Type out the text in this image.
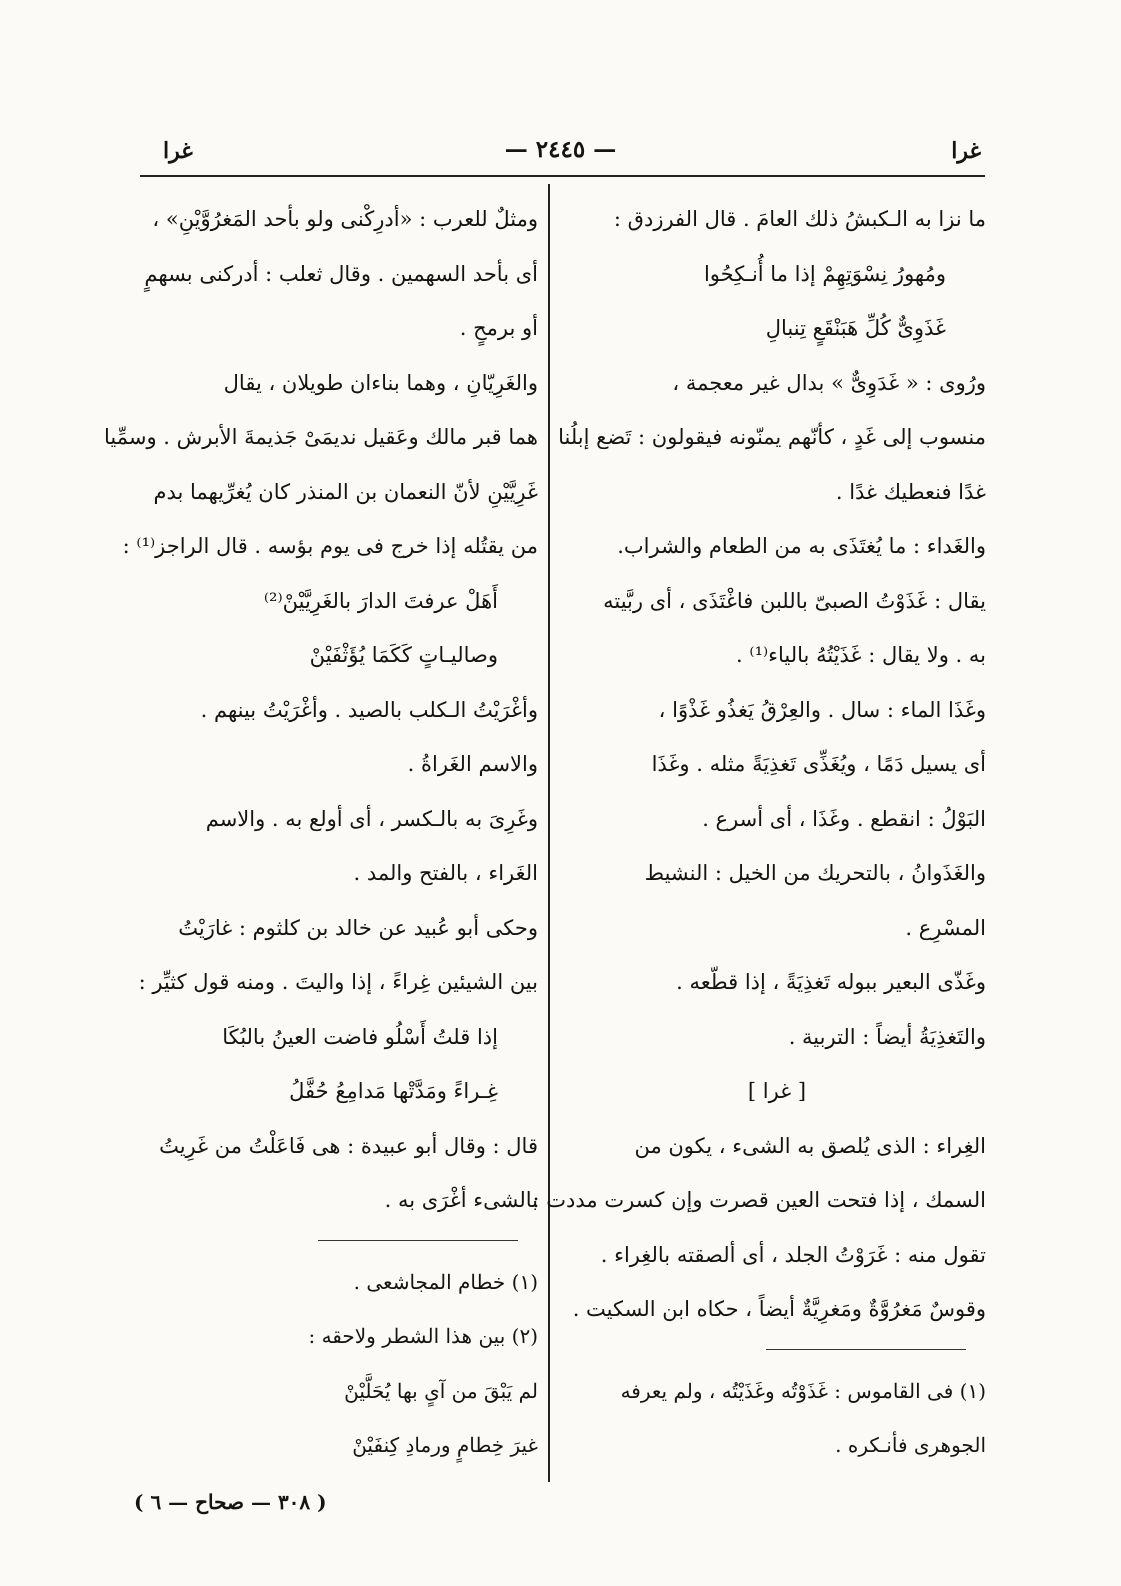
غرا
— ٢٤٤٥ —
غرا
ما نزا به الـكبشُ ذلك العامَ . قال الفرزدق :
ومُهورُ نِسْوَتِهِمْ إذا ما أُنـكِحُوا
غَذَوِىٌّ كُلِّ هَبَنْقَعٍ تِنبالِ
ورُوى : « غَدَوِىٌّ » بدال غير معجمة ،
منسوب إلى غَدٍ ، كأنّهم يمنّونه فيقولون : تَضع إبلُنا
غدًا فنعطيك غدًا .
والغَداء : ما يُغتَذَى به من الطعام والشراب.
يقال : غَذَوْتُ الصبىّ باللبن فاغْتَذَى ، أى ربَّيته
به . ولا يقال : غَذَيْتُهُ بالياء⁽¹⁾ .
وغَذَا الماء : سال . والعِرْقُ يَغذُو غَذْوًا ،
أى يسيل دَمًا ، ويُغَذِّى تَغذِيَةً مثله . وغَذَا
البَوْلُ : انقطع . وغَذَا ، أى أسرع .
والغَذَوانُ ، بالتحريك من الخيل : النشيط
المسْرِع .
وغَذّى البعير ببوله تَغذِيَةً ، إذا قطّعه .
والتَغذِيَةُ أيضاً : التربية .
[ غرا ]
الغِراء : الذى يُلصق به الشىء ، يكون من
السمك ، إذا فتحت العين قصرت وإن كسرت مددت :
تقول منه : غَرَوْتُ الجلد ، أى ألصقته بالغِراء .
وقوسٌ مَغرُوَّةٌ ومَغرِيَّةٌ أيضاً ، حكاه ابن السكيت .
(١) فى القاموس : غَذَوْتُه وغَذَيْتُه ، ولم يعرفه
الجوهرى فأنـكره .
ومثلٌ للعرب : «أدرِكْنى ولو بأحد المَغرُوَّيْنِ» ،
أى بأحد السهمين . وقال ثعلب : أدركنى بسهمٍ
أو برمحٍ .
والغَرِيّانِ ، وهما بناءان طويلان ، يقال
هما قبر مالك وعَقيل نديمَىْ جَذيمةَ الأبرش . وسمِّيا
غَرِيَّيْنِ لأنّ النعمان بن المنذر كان يُغرِّيهما بدم
من يقتُله إذا خرج فى يوم بؤسه . قال الراجز⁽¹⁾ :
أَهَلْ عرفتَ الدارَ بالغَرِيَّيْنْ⁽²⁾
وصاليـاتٍ كَكَمَا يُؤَثْفَيْنْ
وأغْرَيْتُ الـكلب بالصيد . وأغْرَيْتُ بينهم .
والاسم الغَراةُ .
وغَرِىَ به بالـكسر ، أى أولع به . والاسم
الغَراء ، بالفتح والمد .
وحكى أبو عُبيد عن خالد بن كلثوم : غارَيْتُ
بين الشيئين غِراءً ، إذا واليتَ . ومنه قول كثيِّر :
إذا قلتُ أَسْلُو فاضت العينُ بالبُكَا
غِـراءً ومَدَّتْها مَدامِعُ حُفَّلُ
قال : وقال أبو عبيدة : هى فَاعَلْتُ من غَرِيتُ
بالشىء أغْرَى به .
(١) خطام المجاشعى .
(٢) بين هذا الشطر ولاحقه :
لم يَبْقَ من آىٍ بها يُحَلَّيْنْ
غيرَ خِطامٍ ورمادِ كِنفَيْنْ
( ٣٠٨ — صحاح — ٦ )
